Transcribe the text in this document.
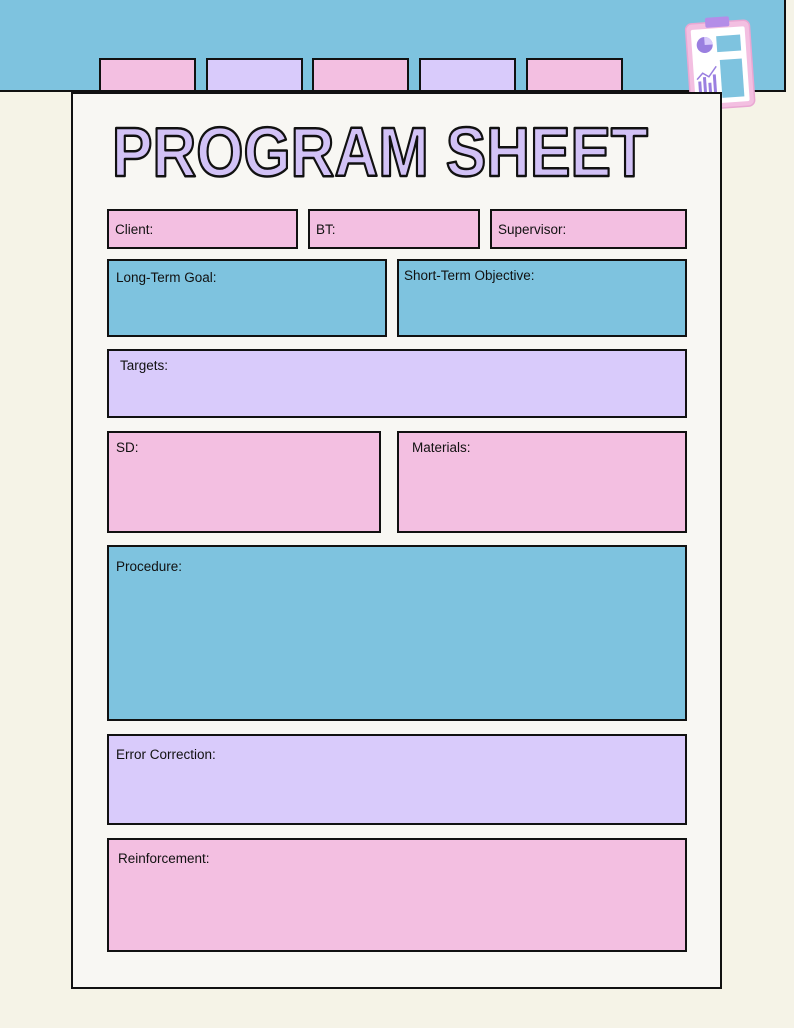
PROGRAM SHEET
Client:	BT:	Supervisor:
Long-Term Goal:	Short-Term Objective:
Targets:
SD:	Materials:
Procedure:
Error Correction:
Reinforcement:
